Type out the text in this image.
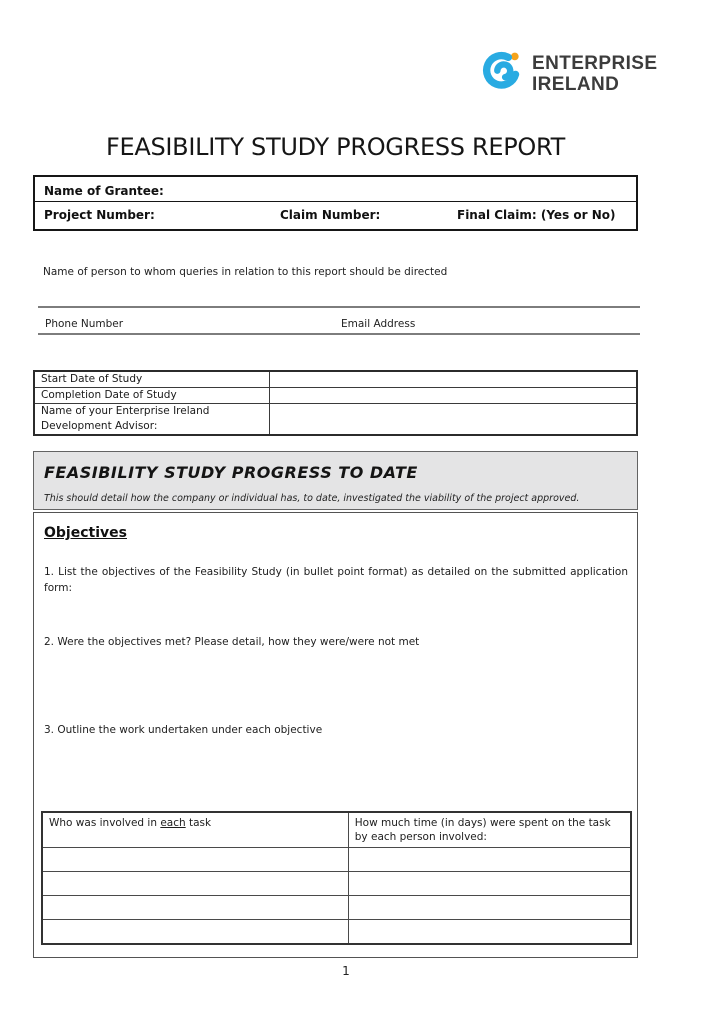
ENTERPRISE
IRELAND
FEASIBILITY STUDY PROGRESS REPORT
Name of Grantee:
Project Number:	Claim Number:	Final Claim: (Yes or No)
Name of person to whom queries in relation to this report should be directed
Phone Number	Email Address
Start Date of Study	
Completion Date of Study	
Name of your Enterprise Ireland Development Advisor:	
FEASIBILITY STUDY PROGRESS TO DATE
This should detail how the company or individual has, to date, investigated the viability of the project approved.
Objectives
1. List the objectives of the Feasibility Study (in bullet point format) as detailed on the submitted application form:
2. Were the objectives met? Please detail, how they were/were not met
3. Outline the work undertaken under each objective
Who was involved in each task	How much time (in days) were spent on the task by each person involved:

1
